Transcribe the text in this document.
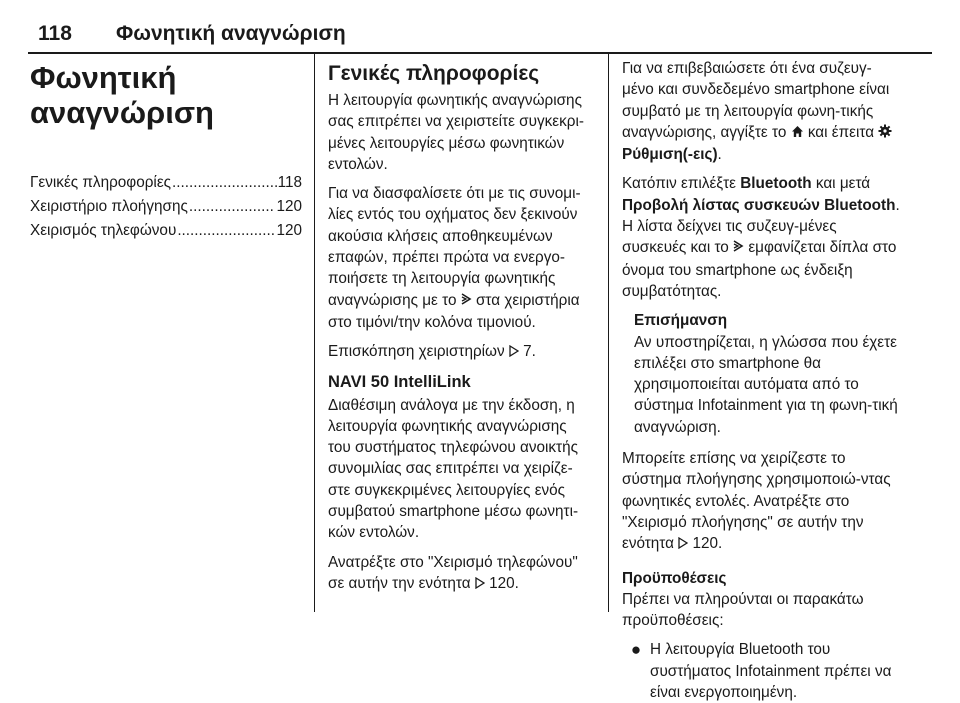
118 Φωνητική αναγνώριση
Φωνητική
αναγνώριση
Γενικές πληροφορίες .....	118
Χειριστήριο πλοήγησης .....	120
Χειρισμός τηλεφώνου .....	120
Γενικές πληροφορίες

Η λειτουργία φωνητικής αναγνώρισης σας επιτρέπει να χειριστείτε συγκεκρι-μένες λειτουργίες μέσω φωνητικών εντολών.

Για να διασφαλίσετε ότι με τις συνομι-λίες εντός του οχήματος δεν ξεκινούν ακούσια κλήσεις αποθηκευμένων επαφών, πρέπει πρώτα να ενεργο-ποιήσετε τη λειτουργία φωνητικής αναγνώρισης με το στα χειριστήρια στο τιμόνι/την κολόνα τιμονιού.

Επισκόπηση χειριστηρίων 7.

NAVI 50 IntelliLink

Διαθέσιμη ανάλογα με την έκδοση, η λειτουργία φωνητικής αναγνώρισης του συστήματος τηλεφώνου ανοικτής συνομιλίας σας επιτρέπει να χειρίζε-στε συγκεκριμένες λειτουργίες ενός συμβατού smartphone μέσω φωνητι-κών εντολών.

Ανατρέξτε στο "Χειρισμό τηλεφώνου" σε αυτήν την ενότητα 120.

Για να επιβεβαιώσετε ότι ένα συζευγ-μένο και συνδεδεμένο smartphone είναι συμβατό με τη λειτουργία φωνη-τικής αναγνώρισης, αγγίξτε το και έπειτα Ρύθμιση(-εις).

Κατόπιν επιλέξτε Bluetooth και μετά Προβολή λίστας συσκευών Bluetooth. Η λίστα δείχνει τις συζευγ-μένες συσκευές και το εμφανίζεται δίπλα στο όνομα του smartphone ως ένδειξη συμβατότητας.

Επισήμανση

Αν υποστηρίζεται, η γλώσσα που έχετε επιλέξει στο smartphone θα χρησιμοποιείται αυτόματα από το σύστημα Infotainment για τη φωνη-τική αναγνώριση.

Μπορείτε επίσης να χειρίζεστε το σύστημα πλοήγησης χρησιμοποιώ-ντας φωνητικές εντολές. Ανατρέξτε στο "Χειρισμό πλοήγησης" σε αυτήν την ενότητα 120.

Προϋποθέσεις

Πρέπει να πληρούνται οι παρακάτω προϋποθέσεις:

● Η λειτουργία Bluetooth του συστήματος Infotainment πρέπει να είναι ενεργοποιημένη.
